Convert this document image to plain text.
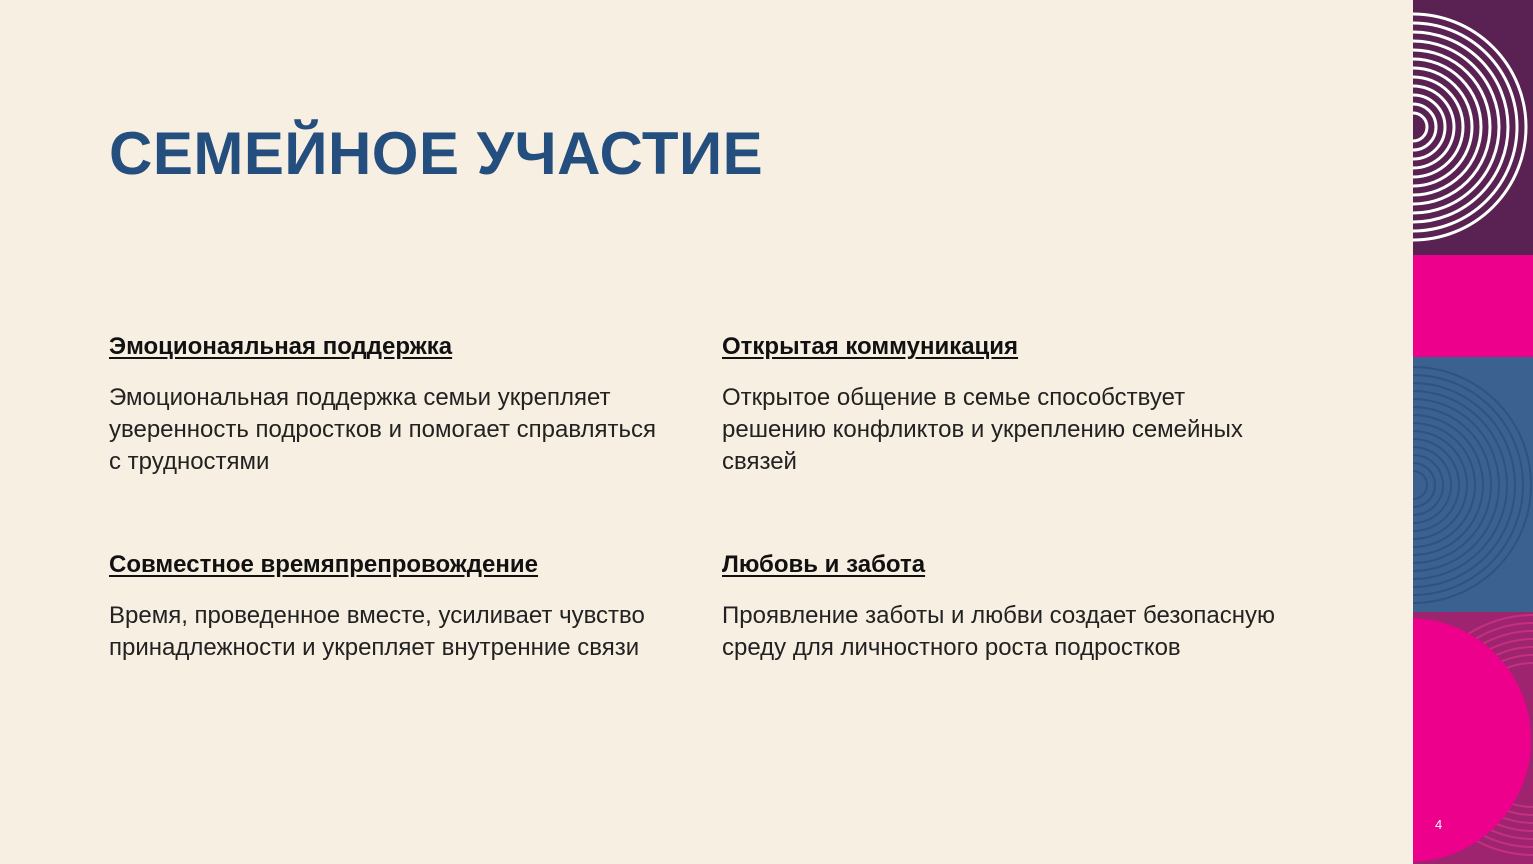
СЕМЕЙНОЕ УЧАСТИЕ
Эмоционаяльная поддержка

Эмоциональная поддержка семьи укрепляет уверенность подростков и помогает справляться с трудностями

Открытая коммуникация

Открытое общение в семье способствует решению конфликтов и укреплению семейных связей

Совместное времяпрепровождение

Время, проведенное вместе, усиливает чувство принадлежности и укрепляет внутренние связи

Любовь и забота

Проявление заботы и любви создает безопасную среду для личностного роста подростков

4
